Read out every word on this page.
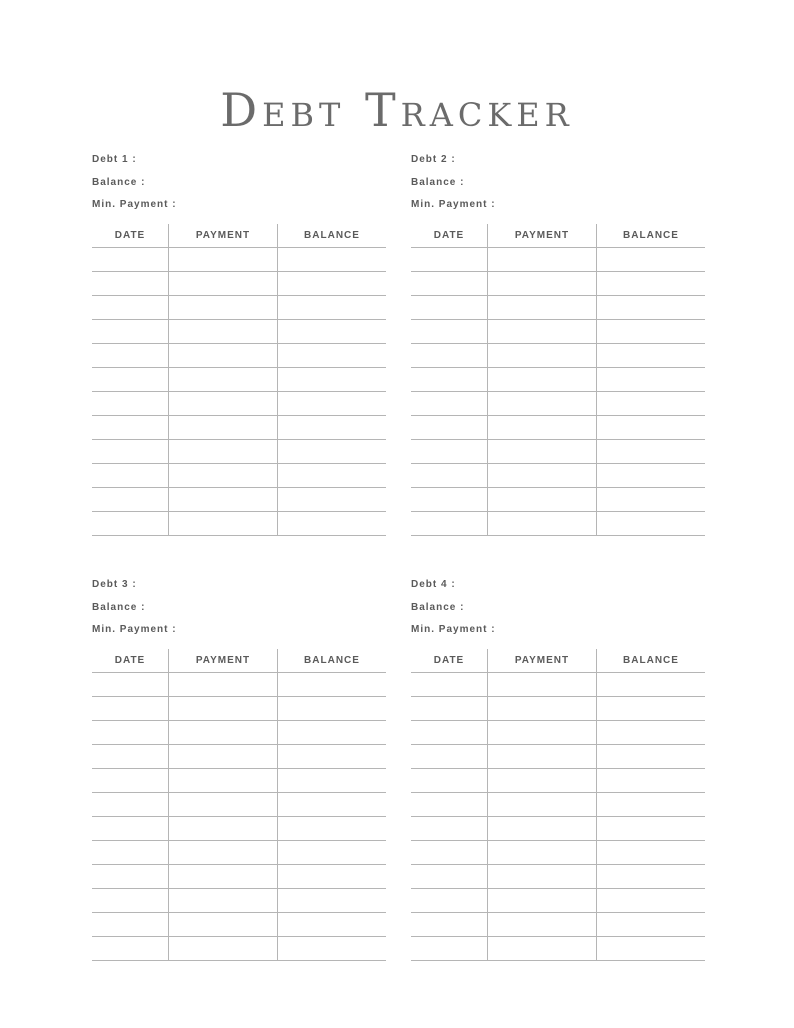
Debt Tracker
Debt 1 :
Balance :
Min. Payment :
DATE	PAYMENT	BALANCE

Debt 2 :
Balance :
Min. Payment :
DATE	PAYMENT	BALANCE

Debt 3 :
Balance :
Min. Payment :
DATE	PAYMENT	BALANCE

Debt 4 :
Balance :
Min. Payment :
DATE	PAYMENT	BALANCE
